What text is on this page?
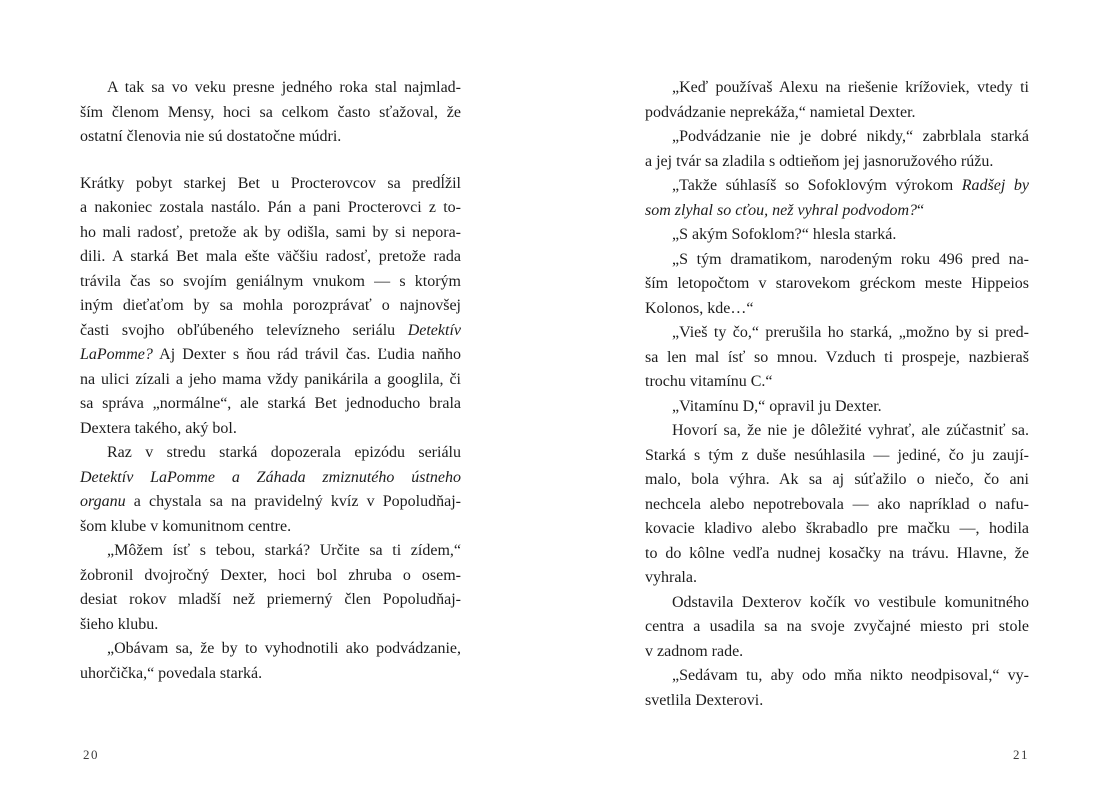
A tak sa vo veku presne jedného roka stal najmlad-
ším členom Mensy, hoci sa celkom často sťažoval, že
ostatní členovia nie sú dostatočne múdri.
Krátky pobyt starkej Bet u Procterovcov sa predĺžil
a nakoniec zostala nastálo. Pán a pani Procterovci z to-
ho mali radosť, pretože ak by odišla, sami by si nepora-
dili. A starká Bet mala ešte väčšiu radosť, pretože rada
trávila čas so svojím geniálnym vnukom — s ktorým
iným dieťaťom by sa mohla porozprávať o najnovšej
časti svojho obľúbeného televízneho seriálu Detektív
LaPomme? Aj Dexter s ňou rád trávil čas. Ľudia naňho
na ulici zízali a jeho mama vždy panikárila a googlila, či
sa správa „normálne“, ale starká Bet jednoducho brala
Dextera takého, aký bol.
Raz v stredu starká dopozerala epizódu seriálu
Detektív LaPomme a Záhada zmiznutého ústneho
organu a chystala sa na pravidelný kvíz v Popoludňaj-
šom klube v komunitnom centre.
„Môžem ísť s tebou, starká? Určite sa ti zídem,“
žobronil dvojročný Dexter, hoci bol zhruba o osem-
desiat rokov mladší než priemerný člen Popoludňaj-
šieho klubu.
„Obávam sa, že by to vyhodnotili ako podvádzanie,
uhorčička,“ povedala starká.
„Keď používaš Alexu na riešenie krížoviek, vtedy ti
podvádzanie neprekáža,“ namietal Dexter.
„Podvádzanie nie je dobré nikdy,“ zabrblala starká
a jej tvár sa zladila s odtieňom jej jasnoružového rúžu.
„Takže súhlasíš so Sofoklovým výrokom Radšej by
som zlyhal so cťou, než vyhral podvodom?“
„S akým Sofoklom?“ hlesla starká.
„S tým dramatikom, narodeným roku 496 pred na-
ším letopočtom v starovekom gréckom meste Hippeios
Kolonos, kde…“
„Vieš ty čo,“ prerušila ho starká, „možno by si pred-
sa len mal ísť so mnou. Vzduch ti prospeje, nazbieraš
trochu vitamínu C.“
„Vitamínu D,“ opravil ju Dexter.
Hovorí sa, že nie je dôležité vyhrať, ale zúčastniť sa.
Starká s tým z duše nesúhlasila — jediné, čo ju zaují-
malo, bola výhra. Ak sa aj súťažilo o niečo, čo ani
nechcela alebo nepotrebovala — ako napríklad o nafu-
kovacie kladivo alebo škrabadlo pre mačku —, hodila
to do kôlne vedľa nudnej kosačky na trávu. Hlavne, že
vyhrala.
Odstavila Dexterov kočík vo vestibule komunitného
centra a usadila sa na svoje zvyčajné miesto pri stole
v zadnom rade.
„Sedávam tu, aby odo mňa nikto neodpisoval,“ vy-
svetlila Dexterovi.
20	21
